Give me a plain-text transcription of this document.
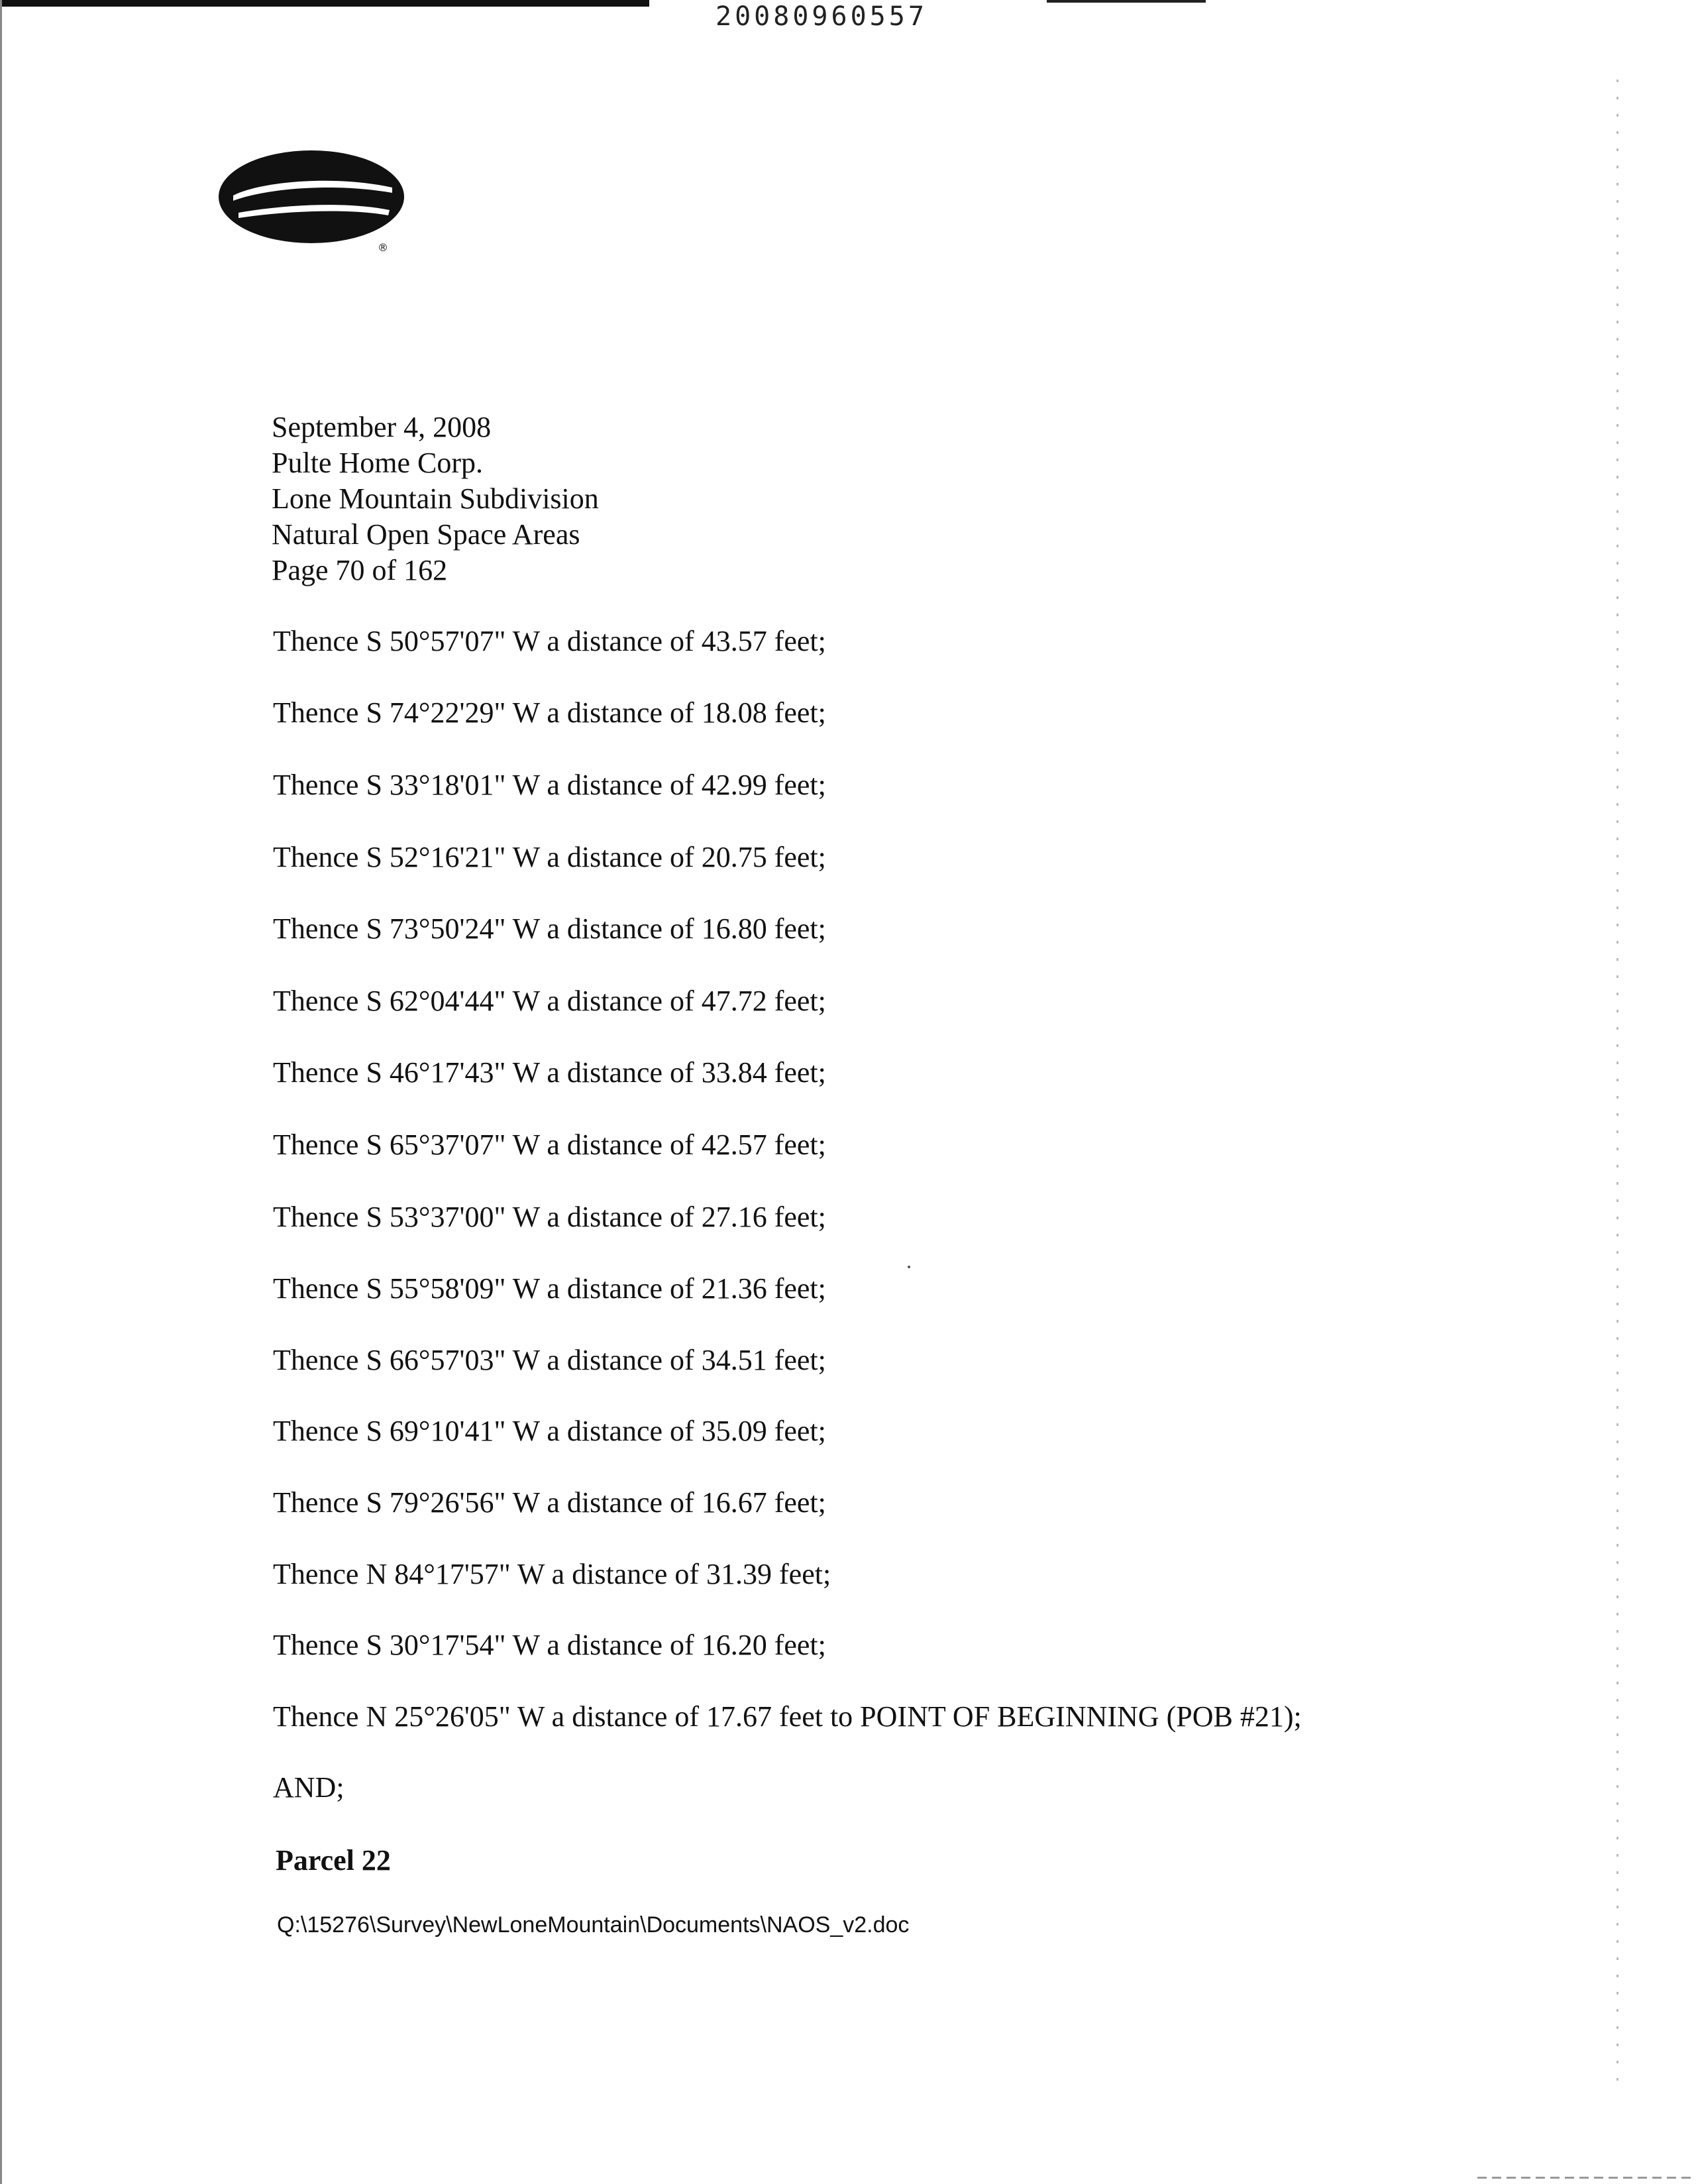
20080960557
®
September 4, 2008
Pulte Home Corp.
Lone Mountain Subdivision
Natural Open Space Areas
Page 70 of 162
Thence S 50°57'07" W a distance of 43.57 feet;
Thence S 74°22'29" W a distance of 18.08 feet;
Thence S 33°18'01" W a distance of 42.99 feet;
Thence S 52°16'21" W a distance of 20.75 feet;
Thence S 73°50'24" W a distance of 16.80 feet;
Thence S 62°04'44" W a distance of 47.72 feet;
Thence S 46°17'43" W a distance of 33.84 feet;
Thence S 65°37'07" W a distance of 42.57 feet;
Thence S 53°37'00" W a distance of 27.16 feet;
Thence S 55°58'09" W a distance of 21.36 feet;
Thence S 66°57'03" W a distance of 34.51 feet;
Thence S 69°10'41" W a distance of 35.09 feet;
Thence S 79°26'56" W a distance of 16.67 feet;
Thence N 84°17'57" W a distance of 31.39 feet;
Thence S 30°17'54" W a distance of 16.20 feet;
Thence N 25°26'05" W a distance of 17.67 feet to POINT OF BEGINNING (POB #21);
AND;
Parcel 22
Q:\15276\Survey\NewLoneMountain\Documents\NAOS_v2.doc
